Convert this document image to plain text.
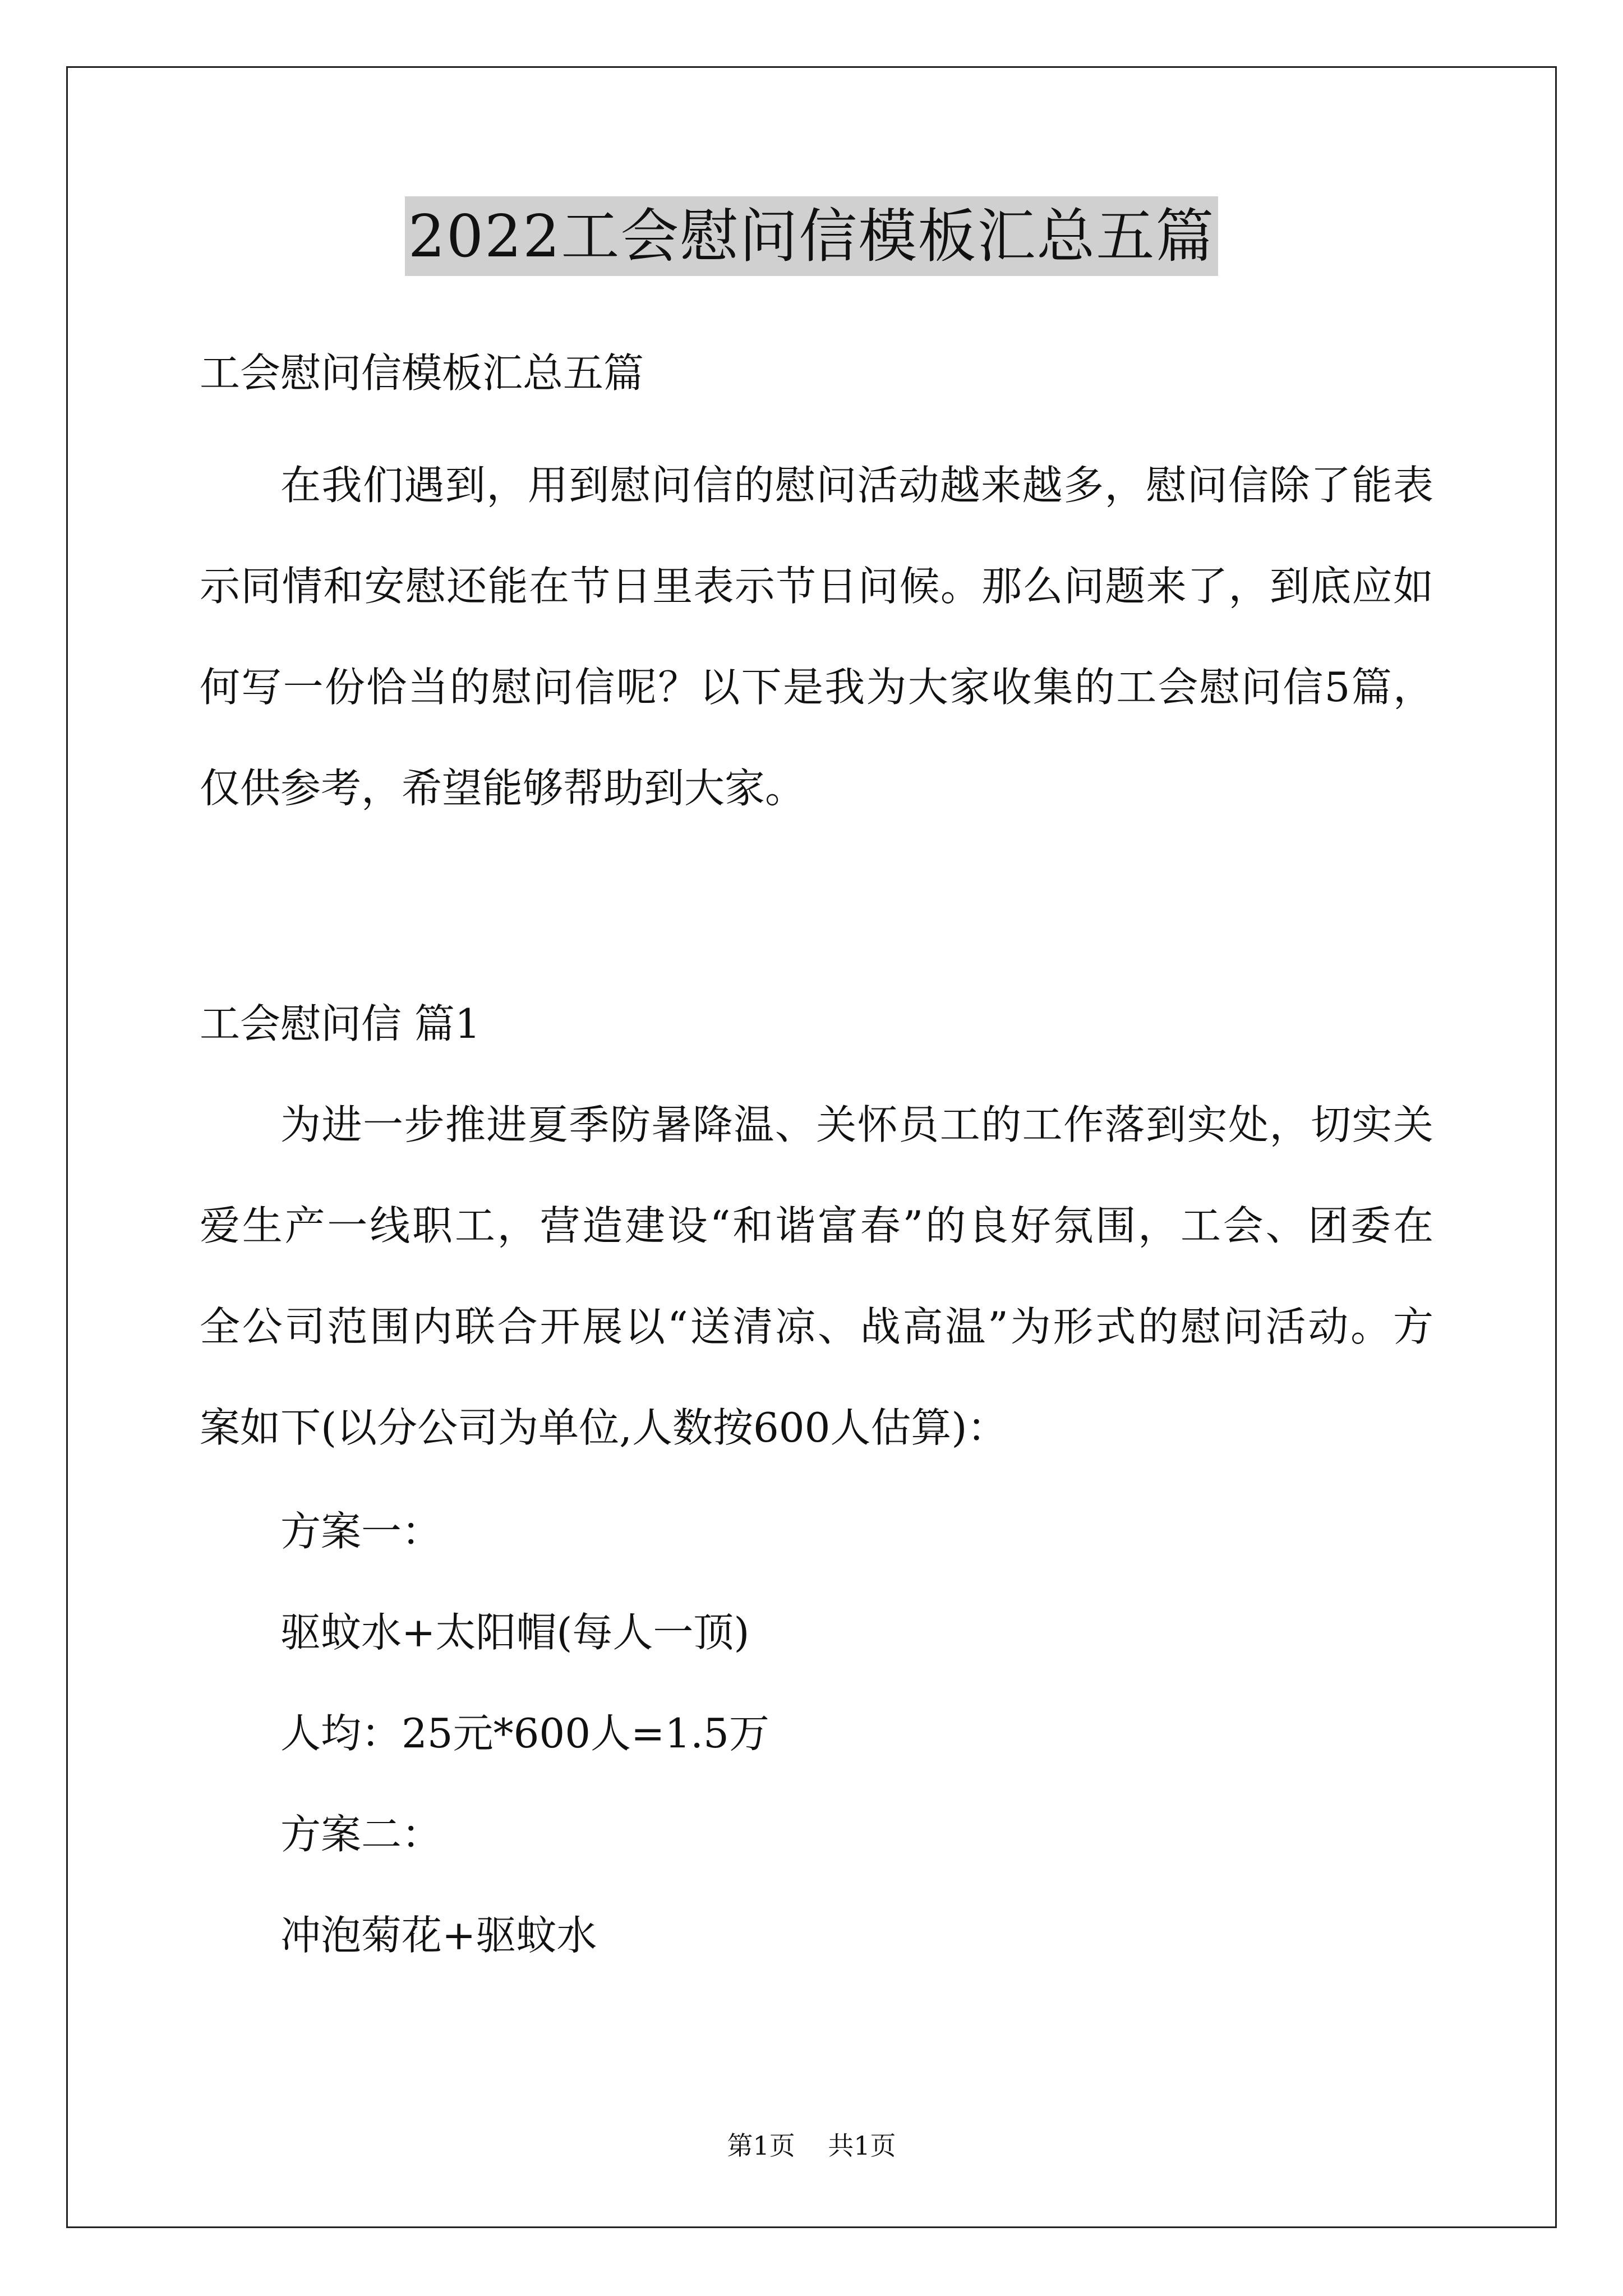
2022工会慰问信模板汇总五篇
工会慰问信模板汇总五篇
在我们遇到，用到慰问信的慰问活动越来越多，慰问信除了能表
示同情和安慰还能在节日里表示节日问候。那么问题来了，到底应如
何写一份恰当的慰问信呢？以下是我为大家收集的工会慰问信5篇，
仅供参考，希望能够帮助到大家。
工会慰问信 篇1
为进一步推进夏季防暑降温、关怀员工的工作落到实处，切实关
爱生产一线职工，营造建设“和谐富春”的良好氛围，工会、团委在
全公司范围内联合开展以“送清凉、战高温”为形式的慰问活动。方
案如下(以分公司为单位,人数按600人估算)：
方案一：
驱蚊水+太阳帽(每人一顶)
人均：25元*600人=1.5万
方案二：
冲泡菊花+驱蚊水
第1页 共1页
